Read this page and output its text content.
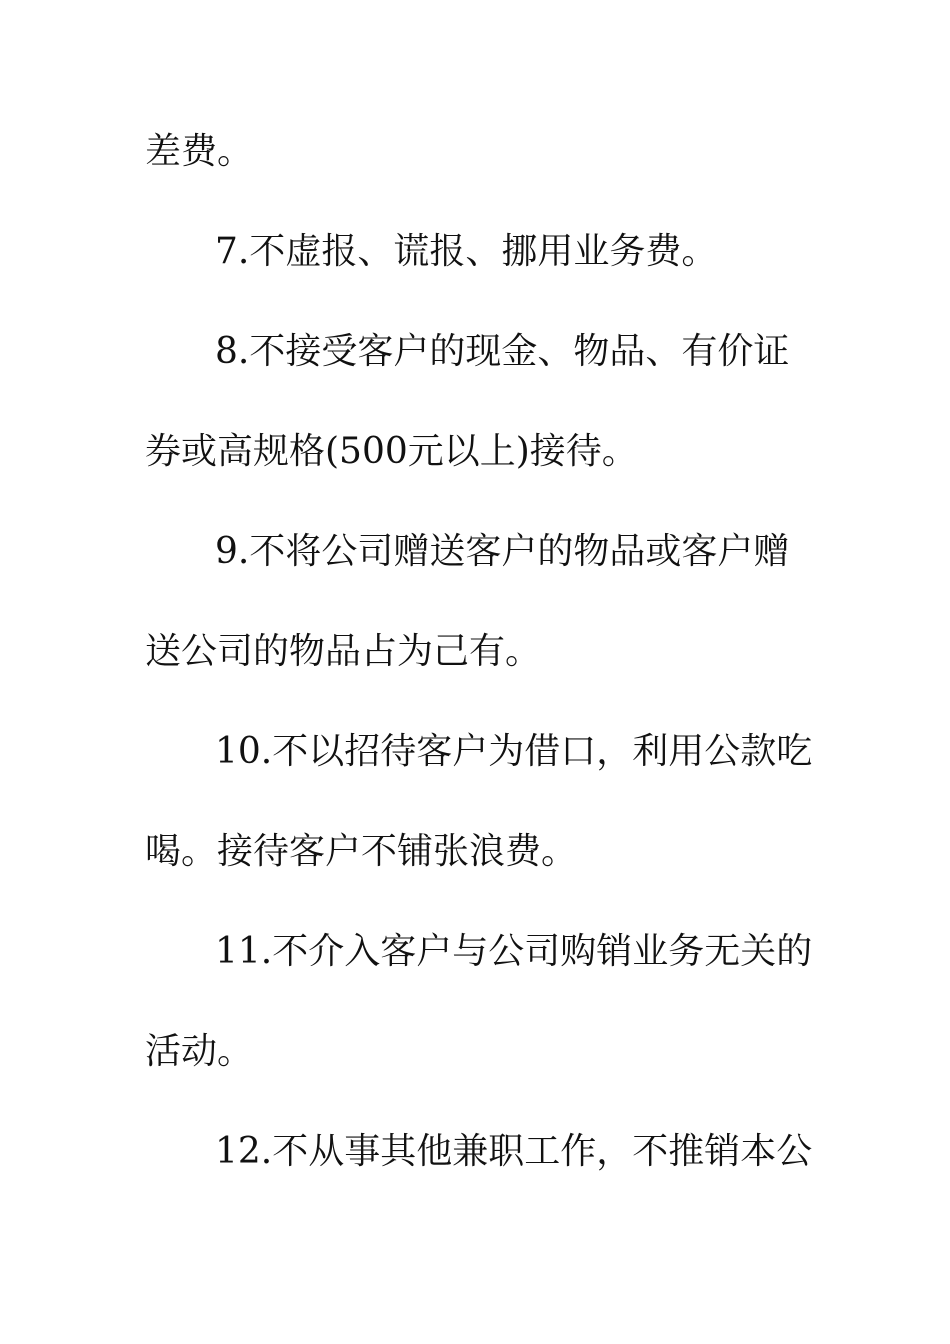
差费。

7.不虚报、谎报、挪用业务费。

8.不接受客户的现金、物品、有价证

券或高规格(500元以上)接待。

9.不将公司赠送客户的物品或客户赠

送公司的物品占为己有。

10.不以招待客户为借口，利用公款吃

喝。接待客户不铺张浪费。

11.不介入客户与公司购销业务无关的

活动。

12.不从事其他兼职工作，不推销本公
